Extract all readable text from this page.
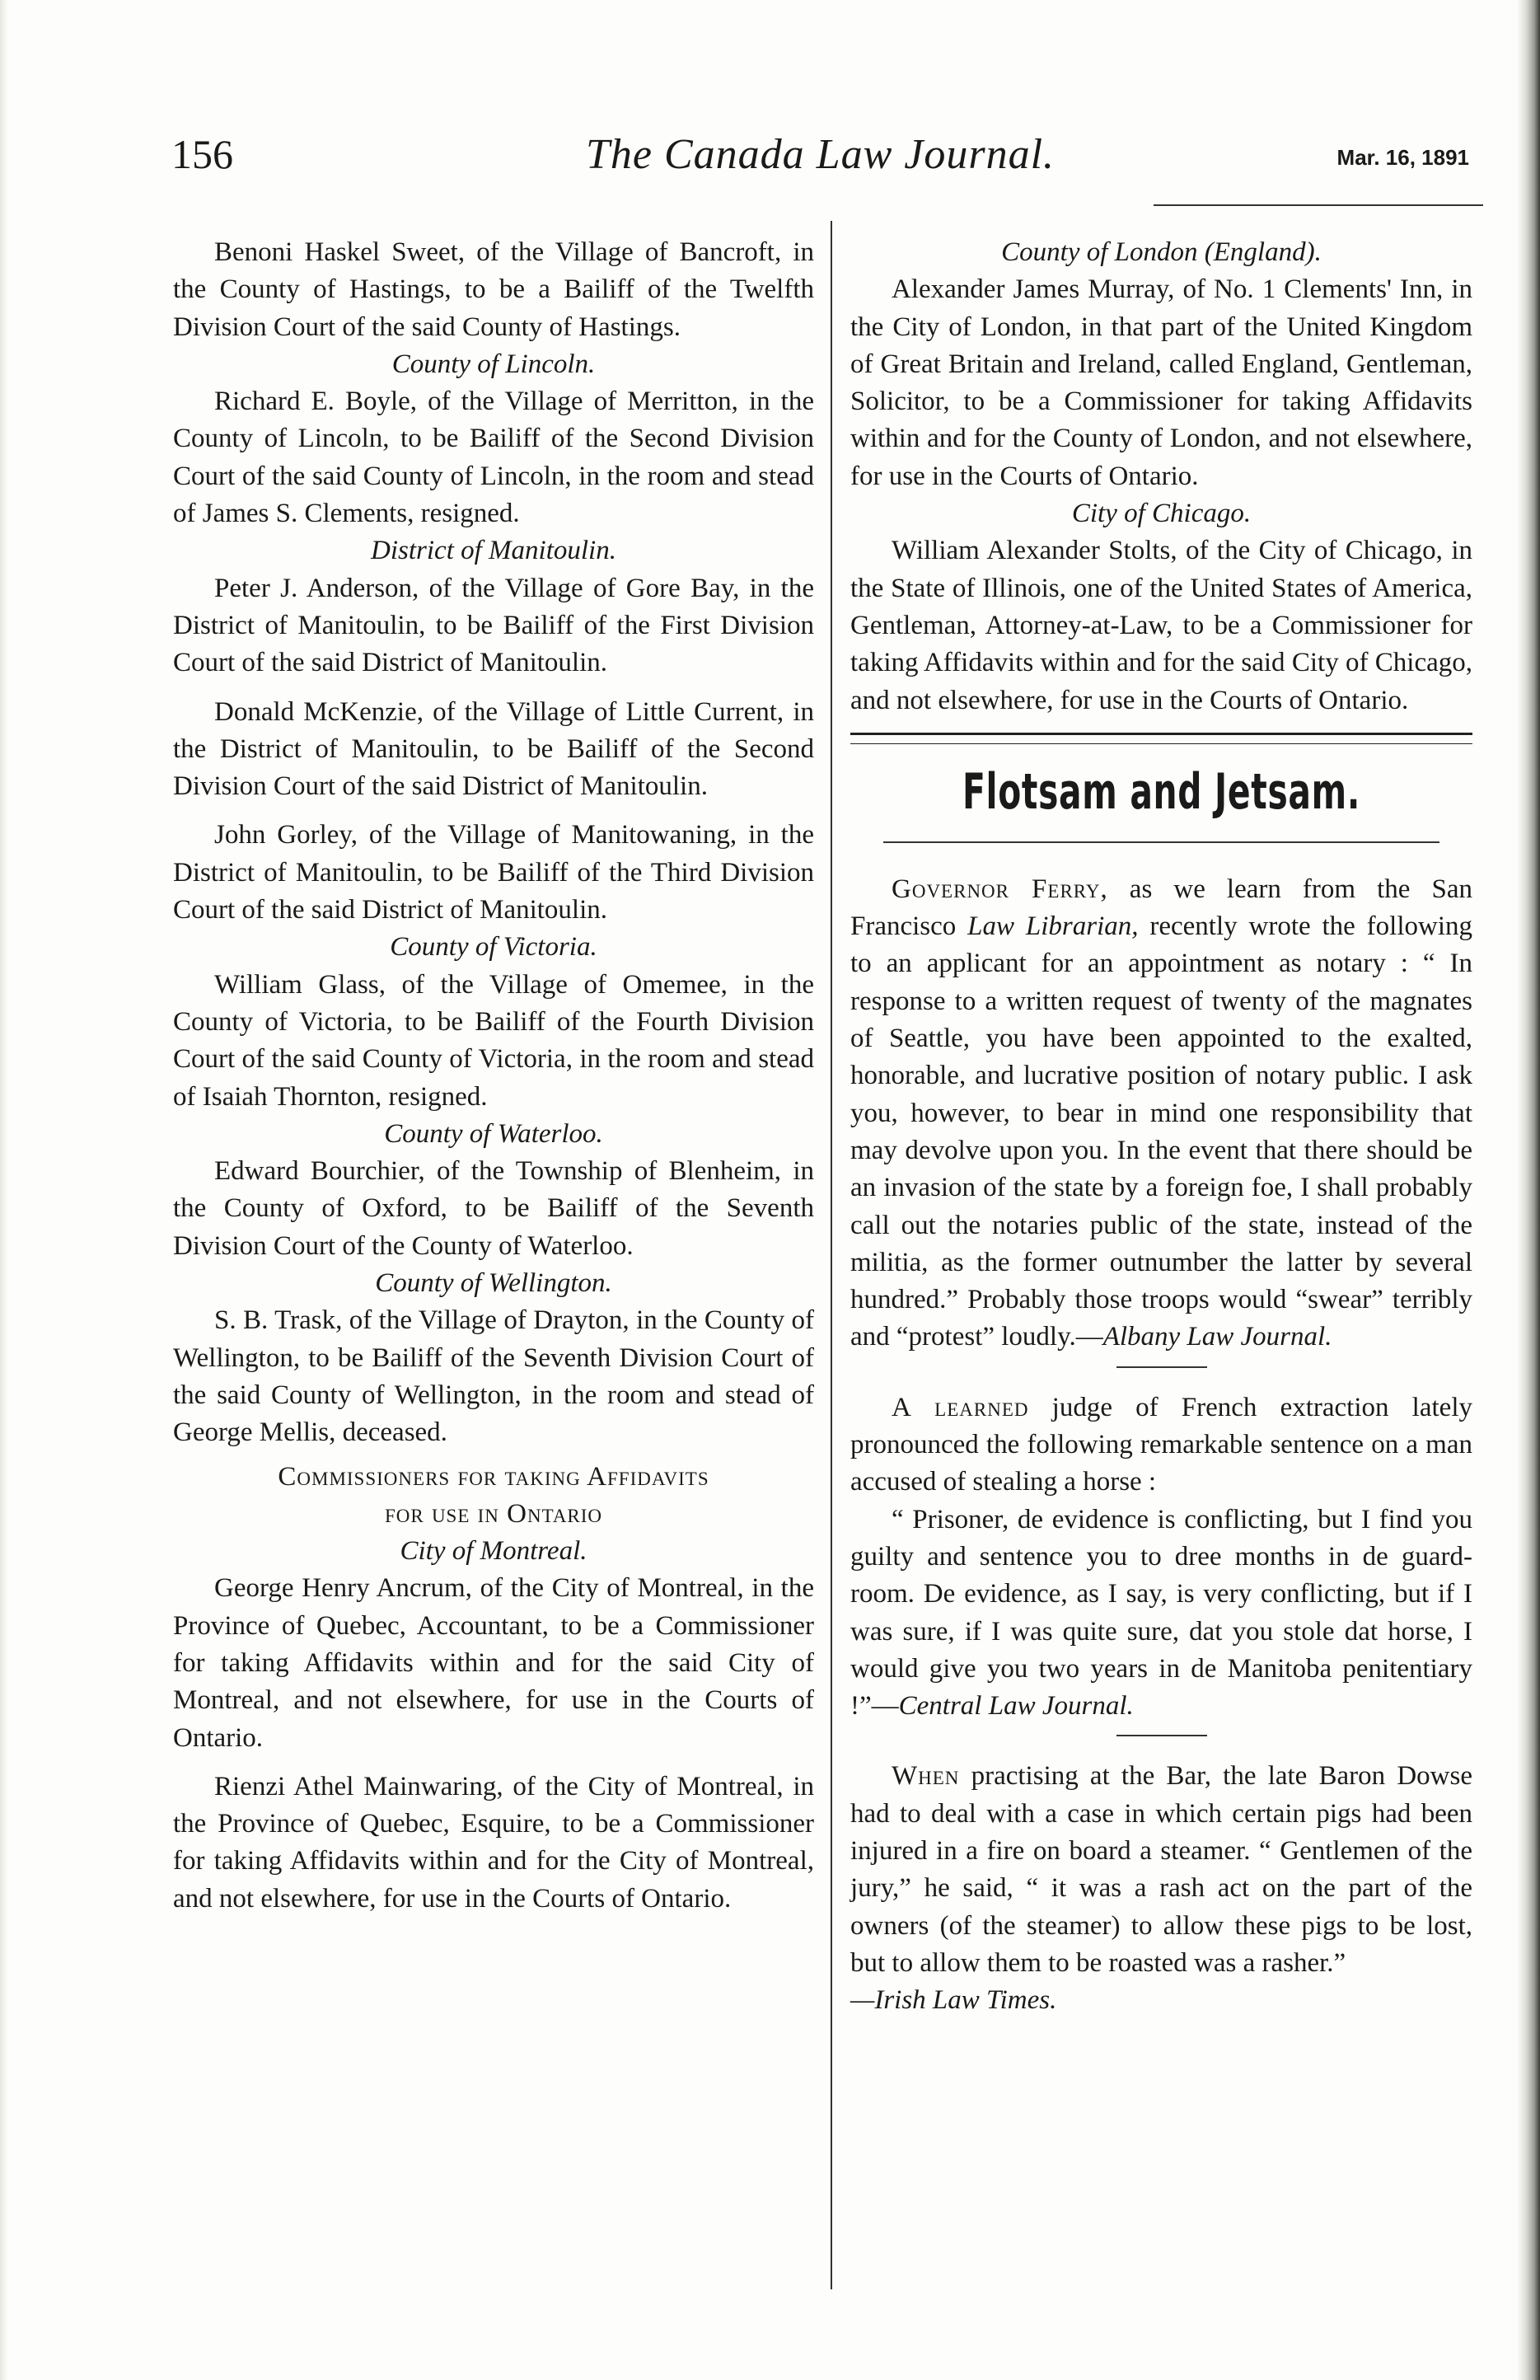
156	The Canada Law Journal.	Mar. 16, 1891

Benoni Haskel Sweet, of the Village of Bancroft, in the County of Hastings, to be a Bailiff of the Twelfth Division Court of the said County of Hastings.

County of Lincoln.

Richard E. Boyle, of the Village of Merritton, in the County of Lincoln, to be Bailiff of the Second Division Court of the said County of Lincoln, in the room and stead of James S. Clements, resigned.

District of Manitoulin.

Peter J. Anderson, of the Village of Gore Bay, in the District of Manitoulin, to be Bailiff of the First Division Court of the said District of Manitoulin.

Donald McKenzie, of the Village of Little Current, in the District of Manitoulin, to be Bailiff of the Second Division Court of the said District of Manitoulin.

John Gorley, of the Village of Manitowaning, in the District of Manitoulin, to be Bailiff of the Third Division Court of the said District of Manitoulin.

County of Victoria.

William Glass, of the Village of Omemee, in the County of Victoria, to be Bailiff of the Fourth Division Court of the said County of Victoria, in the room and stead of Isaiah Thornton, resigned.

County of Waterloo.

Edward Bourchier, of the Township of Blenheim, in the County of Oxford, to be Bailiff of the Seventh Division Court of the County of Waterloo.

County of Wellington.

S. B. Trask, of the Village of Drayton, in the County of Wellington, to be Bailiff of the Seventh Division Court of the said County of Wellington, in the room and stead of George Mellis, deceased.

Commissioners for taking Affidavits

for use in Ontario

City of Montreal.

George Henry Ancrum, of the City of Montreal, in the Province of Quebec, Accountant, to be a Commissioner for taking Affidavits within and for the said City of Montreal, and not elsewhere, for use in the Courts of Ontario.

Rienzi Athel Mainwaring, of the City of Montreal, in the Province of Quebec, Esquire, to be a Commissioner for taking Affidavits within and for the City of Montreal, and not elsewhere, for use in the Courts of Ontario.

County of London (England).

Alexander James Murray, of No. 1 Clements' Inn, in the City of London, in that part of the United Kingdom of Great Britain and Ireland, called England, Gentleman, Solicitor, to be a Commissioner for taking Affidavits within and for the County of London, and not elsewhere, for use in the Courts of Ontario.

City of Chicago.

William Alexander Stolts, of the City of Chicago, in the State of Illinois, one of the United States of America, Gentleman, Attorney-at-Law, to be a Commissioner for taking Affidavits within and for the said City of Chicago, and not elsewhere, for use in the Courts of Ontario.

Flotsam and Jetsam.

Governor Ferry, as we learn from the San Francisco Law Librarian, recently wrote the following to an applicant for an appointment as notary : “ In response to a written request of twenty of the magnates of Seattle, you have been appointed to the exalted, honorable, and lucrative position of notary public. I ask you, however, to bear in mind one responsibility that may devolve upon you. In the event that there should be an invasion of the state by a foreign foe, I shall probably call out the notaries public of the state, instead of the militia, as the former outnumber the latter by several hundred.” Probably those troops would “swear” terribly and “protest” loudly.—Albany Law Journal.

A learned judge of French extraction lately pronounced the following remarkable sentence on a man accused of stealing a horse :

“ Prisoner, de evidence is conflicting, but I find you guilty and sentence you to dree months in de guard-room. De evidence, as I say, is very conflicting, but if I was sure, if I was quite sure, dat you stole dat horse, I would give you two years in de Manitoba penitentiary !”—Central Law Journal.

When practising at the Bar, the late Baron Dowse had to deal with a case in which certain pigs had been injured in a fire on board a steamer. “ Gentlemen of the jury,” he said, “ it was a rash act on the part of the owners (of the steamer) to allow these pigs to be lost, but to allow them to be roasted was a rasher.”

—Irish Law Times.
